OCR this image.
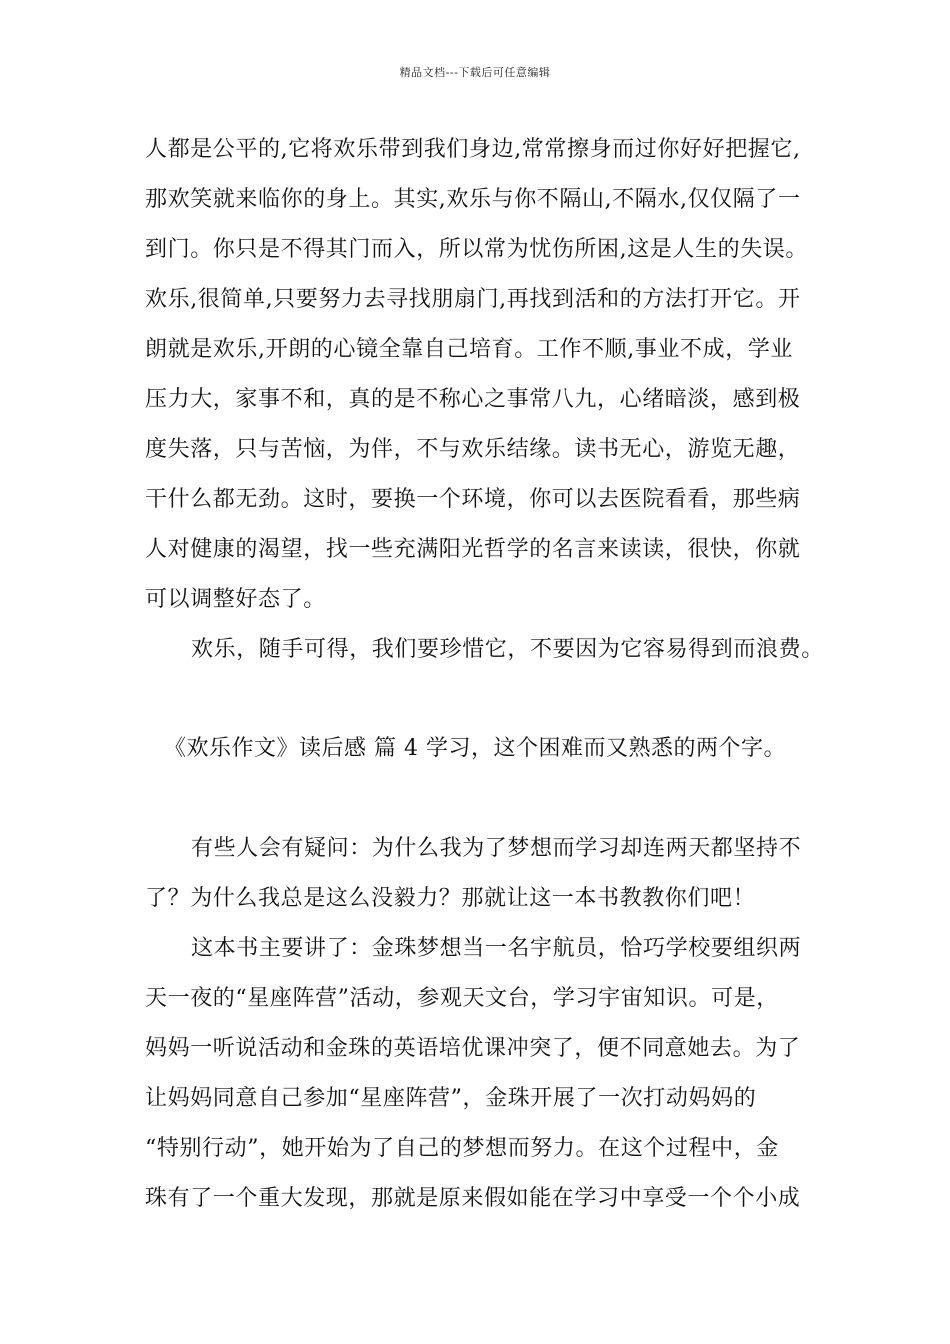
精品文档---下载后可任意编辑
人都是公平的,它将欢乐带到我们身边,常常擦身而过你好好把握它,
那欢笑就来临你的身上。其实,欢乐与你不隔山,不隔水,仅仅隔了一
到门。你只是不得其门而入，所以常为忧伤所困,这是人生的失误。
欢乐,很简单,只要努力去寻找朋扇门,再找到活和的方法打开它。开
朗就是欢乐,开朗的心镜全靠自己培育。工作不顺,事业不成，学业
压力大，家事不和，真的是不称心之事常八九，心绪暗淡，感到极
度失落，只与苦恼，为伴，不与欢乐结缘。读书无心，游览无趣，
干什么都无劲。这时，要换一个环境，你可以去医院看看，那些病
人对健康的渴望，找一些充满阳光哲学的名言来读读，很快，你就
可以调整好态了。
欢乐，随手可得，我们要珍惜它，不要因为它容易得到而浪费。
有些人会有疑问：为什么我为了梦想而学习却连两天都坚持不
了？为什么我总是这么没毅力？那就让这一本书教教你们吧！
这本书主要讲了：金珠梦想当一名宇航员，恰巧学校要组织两
天一夜的“星座阵营”活动，参观天文台，学习宇宙知识。可是，
妈妈一听说活动和金珠的英语培优课冲突了，便不同意她去。为了
让妈妈同意自己参加“星座阵营”，金珠开展了一次打动妈妈的
“特别行动”，她开始为了自己的梦想而努力。在这个过程中，金
珠有了一个重大发现，那就是原来假如能在学习中享受一个个小成
《欢乐作文》读后感 篇 4 学习，这个困难而又熟悉的两个字。
